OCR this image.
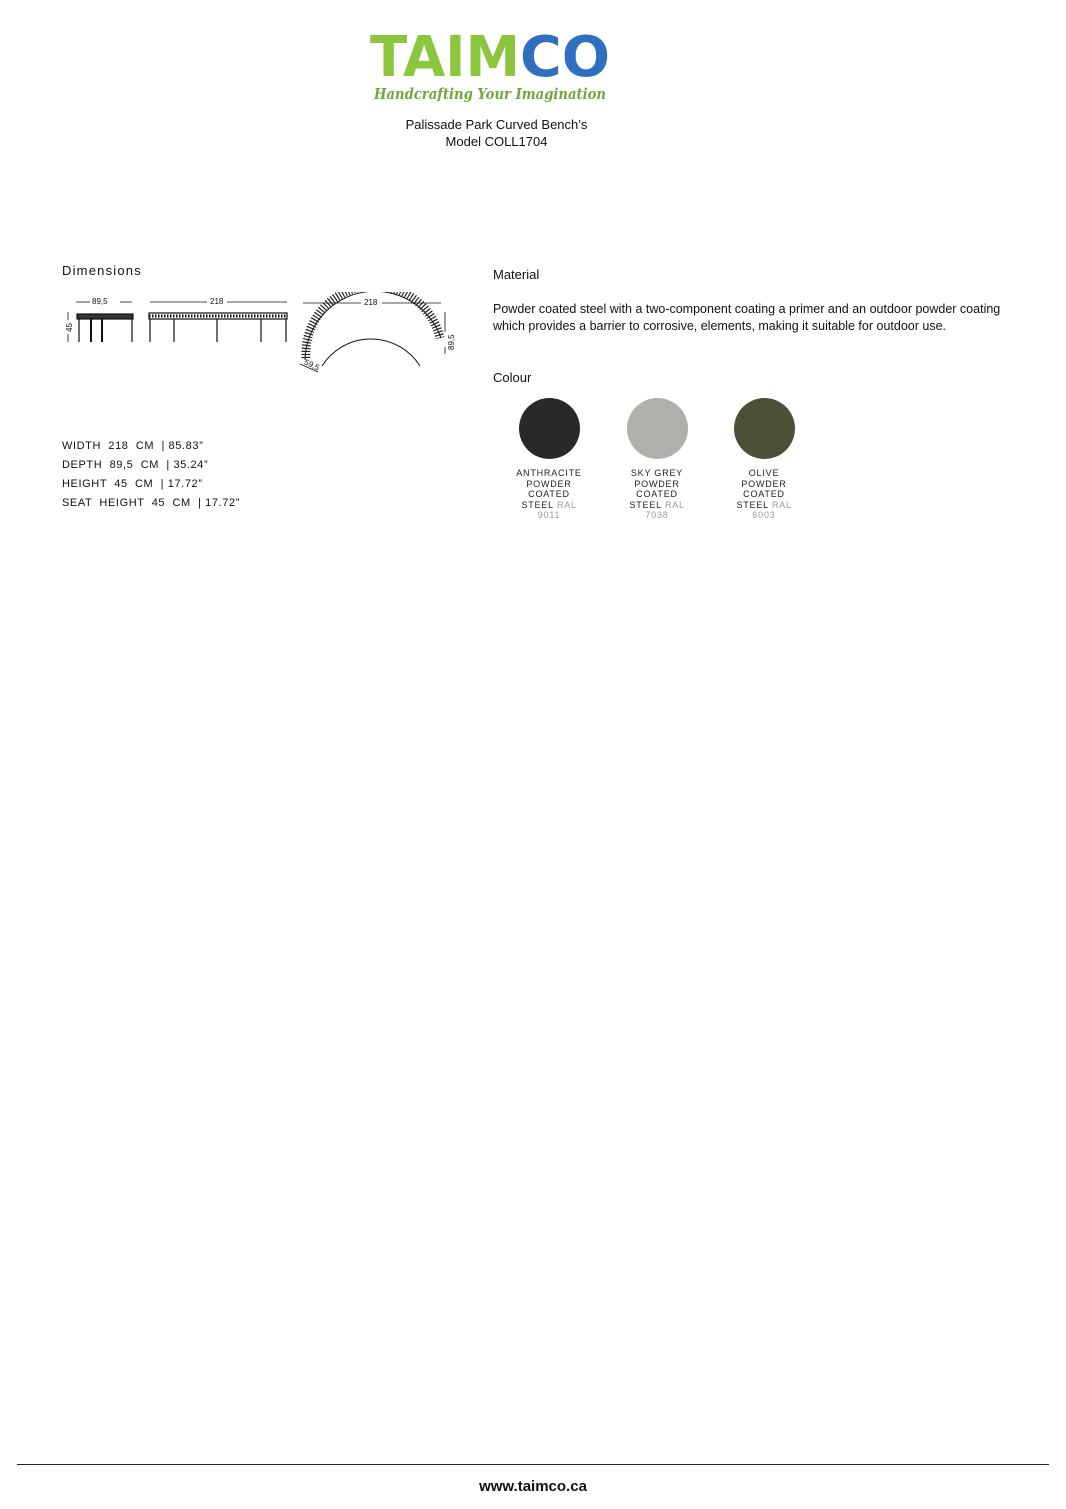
TAIM CO
Handcrafting Your Imagination
Palissade Park Curved Bench’s
Model COLL1704
Dimensions
89,5
45
218	218
89,5
59,5
WIDTH  218  CM  | 85.83”
DEPTH  89,5  CM  | 35.24”
HEIGHT  45  CM  | 17.72”
SEAT  HEIGHT  45  CM  | 17.72”
Material
Powder coated steel with a two-component coating a primer and an outdoor powder coating which provides a barrier to corrosive, elements, making it suitable for outdoor use.
Colour
ANTHRACITE POWDER COATED STEEL RAL 9011
SKY GREY POWDER COATED STEEL RAL 7038
OLIVE POWDER COATED STEEL RAL 6003
www.taimco.ca
